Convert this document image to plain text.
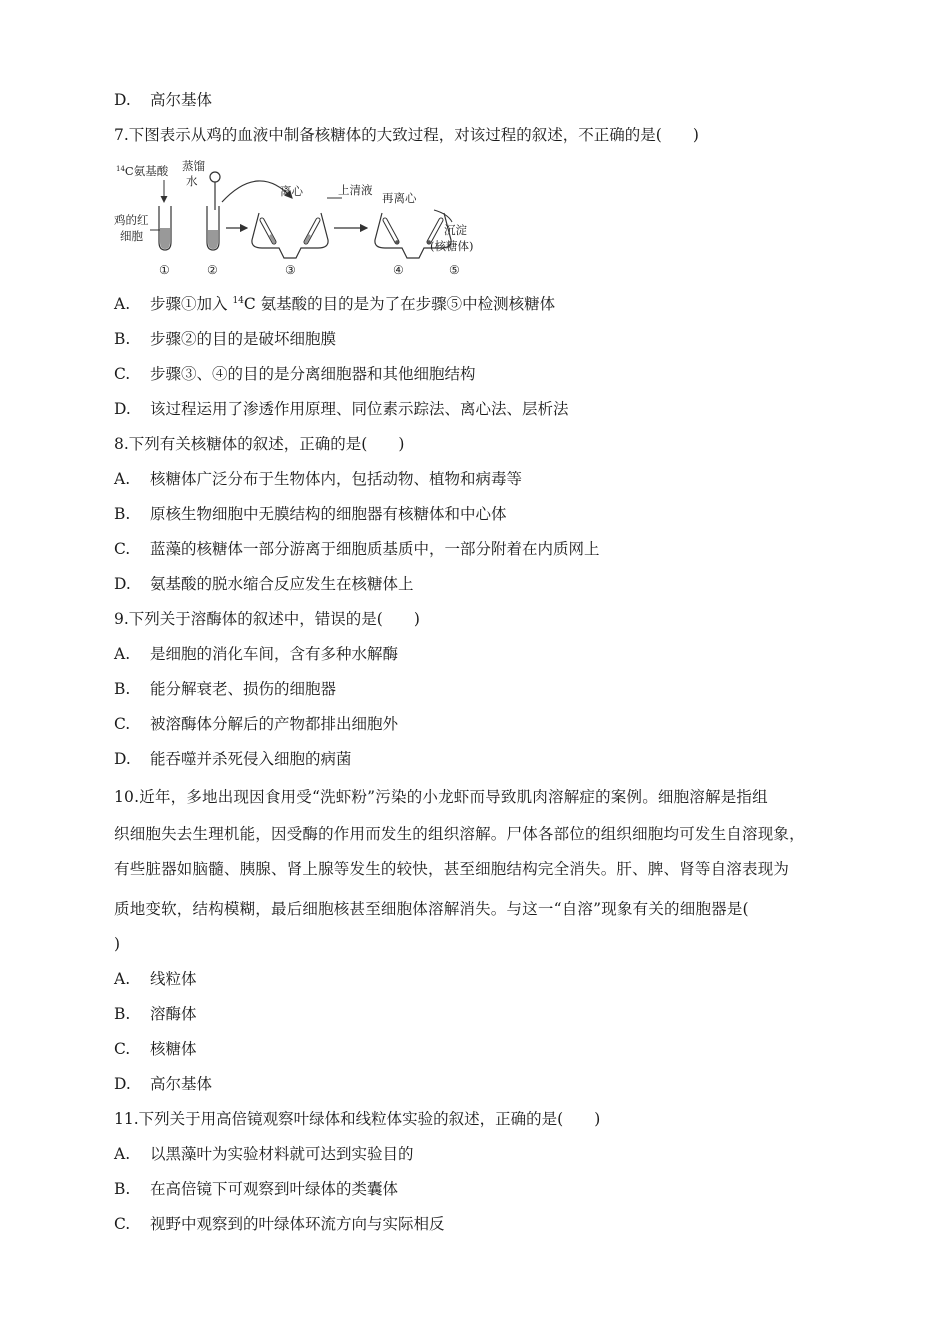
D. 高尔基体
7.下图表示从鸡的血液中制备核糖体的大致过程，对该过程的叙述，不正确的是(　　)
$^{14}$C氨基酸
鸡的红
细胞
蒸馏
水
离心	上清液
再离心
沉淀
(核糖体)
①	②	③	④	⑤
A. 步骤①加入 $^{14}$C 氨基酸的目的是为了在步骤⑤中检测核糖体
B. 步骤②的目的是破坏细胞膜
C. 步骤③、④的目的是分离细胞器和其他细胞结构
D. 该过程运用了渗透作用原理、同位素示踪法、离心法、层析法
8.下列有关核糖体的叙述，正确的是(　　)
A. 核糖体广泛分布于生物体内，包括动物、植物和病毒等
B. 原核生物细胞中无膜结构的细胞器有核糖体和中心体
C. 蓝藻的核糖体一部分游离于细胞质基质中，一部分附着在内质网上
D. 氨基酸的脱水缩合反应发生在核糖体上
9.下列关于溶酶体的叙述中，错误的是(　　)
A. 是细胞的消化车间，含有多种水解酶
B. 能分解衰老、损伤的细胞器
C. 被溶酶体分解后的产物都排出细胞外
D. 能吞噬并杀死侵入细胞的病菌
10.近年，多地出现因食用受“洗虾粉”污染的小龙虾而导致肌肉溶解症的案例。细胞溶解是指组
织细胞失去生理机能，因受酶的作用而发生的组织溶解。尸体各部位的组织细胞均可发生自溶现象，
有些脏器如脑髓、胰腺、肾上腺等发生的较快，甚至细胞结构完全消失。肝、脾、肾等自溶表现为
质地变软，结构模糊，最后细胞核甚至细胞体溶解消失。与这一“自溶”现象有关的细胞器是(
)
A. 线粒体
B. 溶酶体
C. 核糖体
D. 高尔基体
11.下列关于用高倍镜观察叶绿体和线粒体实验的叙述，正确的是(　　)
A. 以黑藻叶为实验材料就可达到实验目的
B. 在高倍镜下可观察到叶绿体的类囊体
C. 视野中观察到的叶绿体环流方向与实际相反
